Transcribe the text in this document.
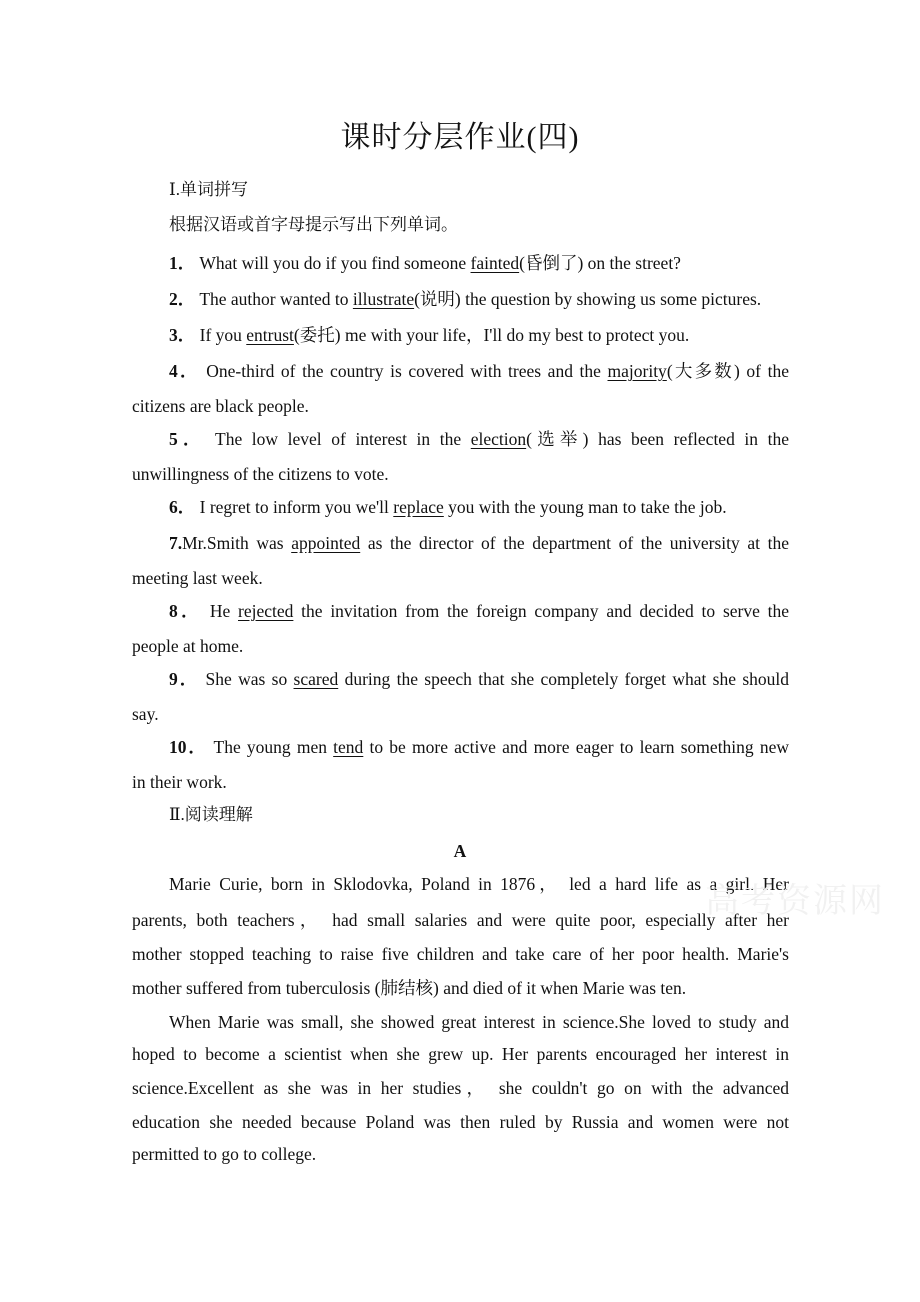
课时分层作业(四)
Ⅰ.单词拼写
根据汉语或首字母提示写出下列单词。
1． What will you do if you find someone fainted(昏倒了) on the street?
2． The author wanted to illustrate(说明) the question by showing us some pictures.
3． If you entrust(委托) me with your life，I'll do my best to protect you.
4． One-third of the country is covered with trees and the majority(大多数) of the
citizens are black people.
5． The low level of interest in the election(选举) has been reflected in the
unwillingness of the citizens to vote.
6． I regret to inform you we'll replace you with the young man to take the job.
7.Mr.Smith was appointed as the director of the department of the university at the
meeting last week.
8． He rejected the invitation from the foreign company and decided to serve the
people at home.
9． She was so scared during the speech that she completely forget what she should
say.
10． The young men tend to be more active and more eager to learn something new
in their work.
Ⅱ.阅读理解
A
Marie Curie, born in Sklodovka, Poland in 1876， led a hard life as a girl. Her
parents, both teachers， had small salaries and were quite poor, especially after her
mother stopped teaching to raise five children and take care of her poor health. Marie's
mother suffered from tuberculosis (肺结核) and died of it when Marie was ten.
When Marie was small, she showed great interest in science.She loved to study and
hoped to become a scientist when she grew up. Her parents encouraged her interest in
science.Excellent as she was in her studies， she couldn't go on with the advanced
education she needed because Poland was then ruled by Russia and women were not
permitted to go to college.
高考资源网
